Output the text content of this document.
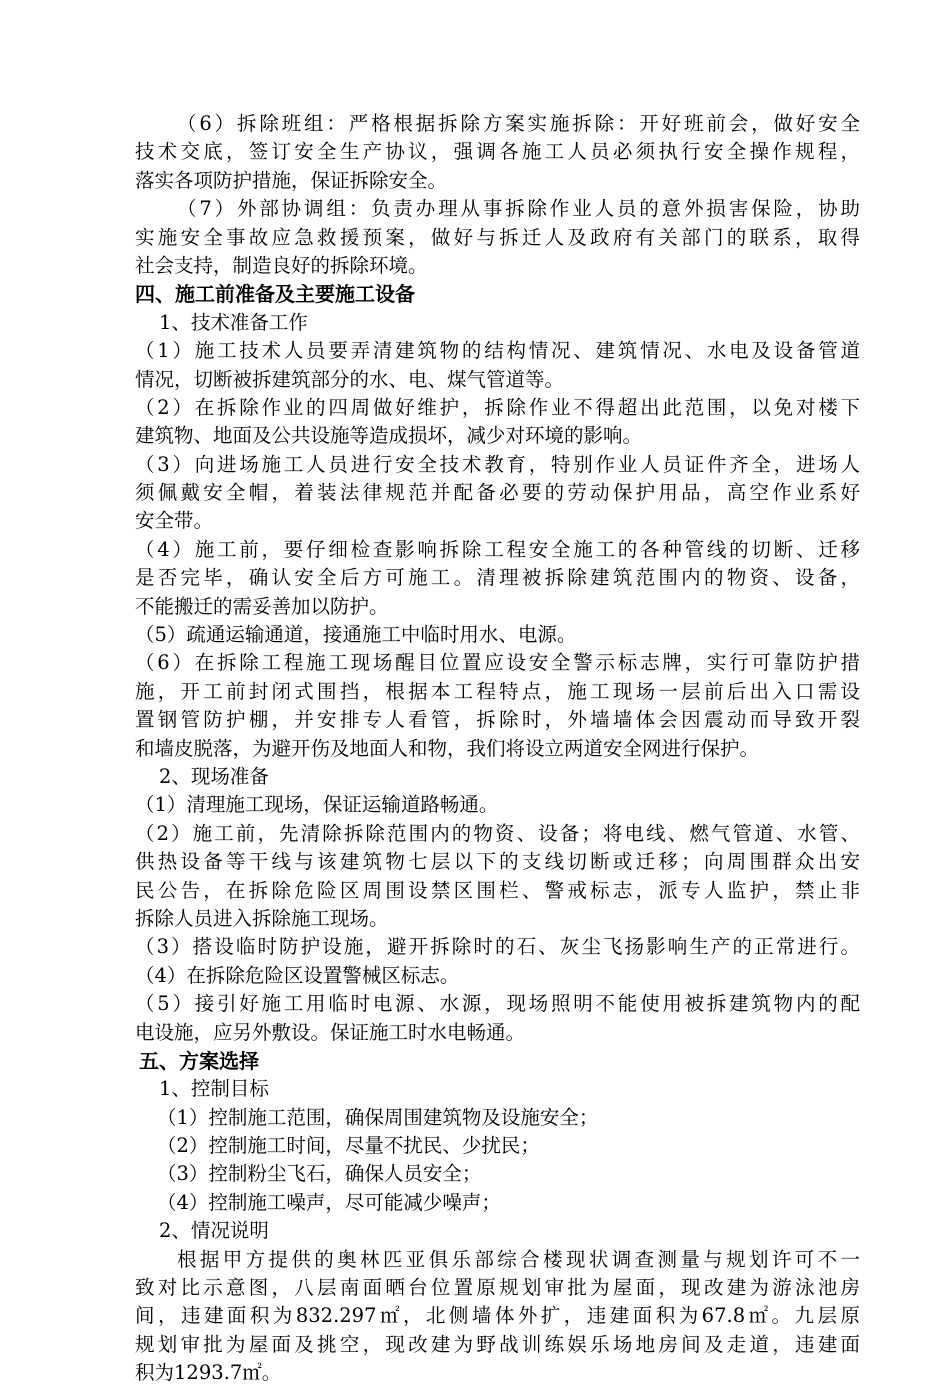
（6）拆除班组：严格根据拆除方案实施拆除：开好班前会，做好安全
技术交底，签订安全生产协议，强调各施工人员必须执行安全操作规程，
落实各项防护措施，保证拆除安全。
（7）外部协调组：负责办理从事拆除作业人员的意外损害保险，协助
实施安全事故应急救援预案，做好与拆迁人及政府有关部门的联系，取得
社会支持，制造良好的拆除环境。
四、施工前准备及主要施工设备
1、技术准备工作
（1）施工技术人员要弄清建筑物的结构情况、建筑情况、水电及设备管道
情况，切断被拆建筑部分的水、电、煤气管道等。
（2）在拆除作业的四周做好维护，拆除作业不得超出此范围，以免对楼下
建筑物、地面及公共设施等造成损坏，减少对环境的影响。
（3）向进场施工人员进行安全技术教育，特别作业人员证件齐全，进场人
须佩戴安全帽，着装法律规范并配备必要的劳动保护用品，高空作业系好
安全带。
（4）施工前，要仔细检查影响拆除工程安全施工的各种管线的切断、迁移
是否完毕，确认安全后方可施工。清理被拆除建筑范围内的物资、设备，
不能搬迁的需妥善加以防护。
（5）疏通运输通道，接通施工中临时用水、电源。
（6）在拆除工程施工现场醒目位置应设安全警示标志牌，实行可靠防护措
施，开工前封闭式围挡，根据本工程特点，施工现场一层前后出入口需设
置钢管防护棚，并安排专人看管，拆除时，外墙墙体会因震动而导致开裂
和墙皮脱落，为避开伤及地面人和物，我们将设立两道安全网进行保护。
2、现场准备
（1）清理施工现场，保证运输道路畅通。
（2）施工前，先清除拆除范围内的物资、设备；将电线、燃气管道、水管、
供热设备等干线与该建筑物七层以下的支线切断或迁移；向周围群众出安
民公告，在拆除危险区周围设禁区围栏、警戒标志，派专人监护，禁止非
拆除人员进入拆除施工现场。
（3）搭设临时防护设施，避开拆除时的石、灰尘飞扬影响生产的正常进行。
（4）在拆除危险区设置警械区标志。
（5）接引好施工用临时电源、水源，现场照明不能使用被拆建筑物内的配
电设施，应另外敷设。保证施工时水电畅通。
五、方案选择
1、控制目标
（1）控制施工范围，确保周围建筑物及设施安全；
（2）控制施工时间，尽量不扰民、少扰民；
（3）控制粉尘飞石，确保人员安全；
（4）控制施工噪声，尽可能减少噪声；
2、情况说明
根据甲方提供的奥林匹亚俱乐部综合楼现状调查测量与规划许可不一
致对比示意图，八层南面晒台位置原规划审批为屋面，现改建为游泳池房
间，违建面积为832.297㎡，北侧墙体外扩，违建面积为67.8㎡。九层原
规划审批为屋面及挑空，现改建为野战训练娱乐场地房间及走道，违建面
积为1293.7㎡。
